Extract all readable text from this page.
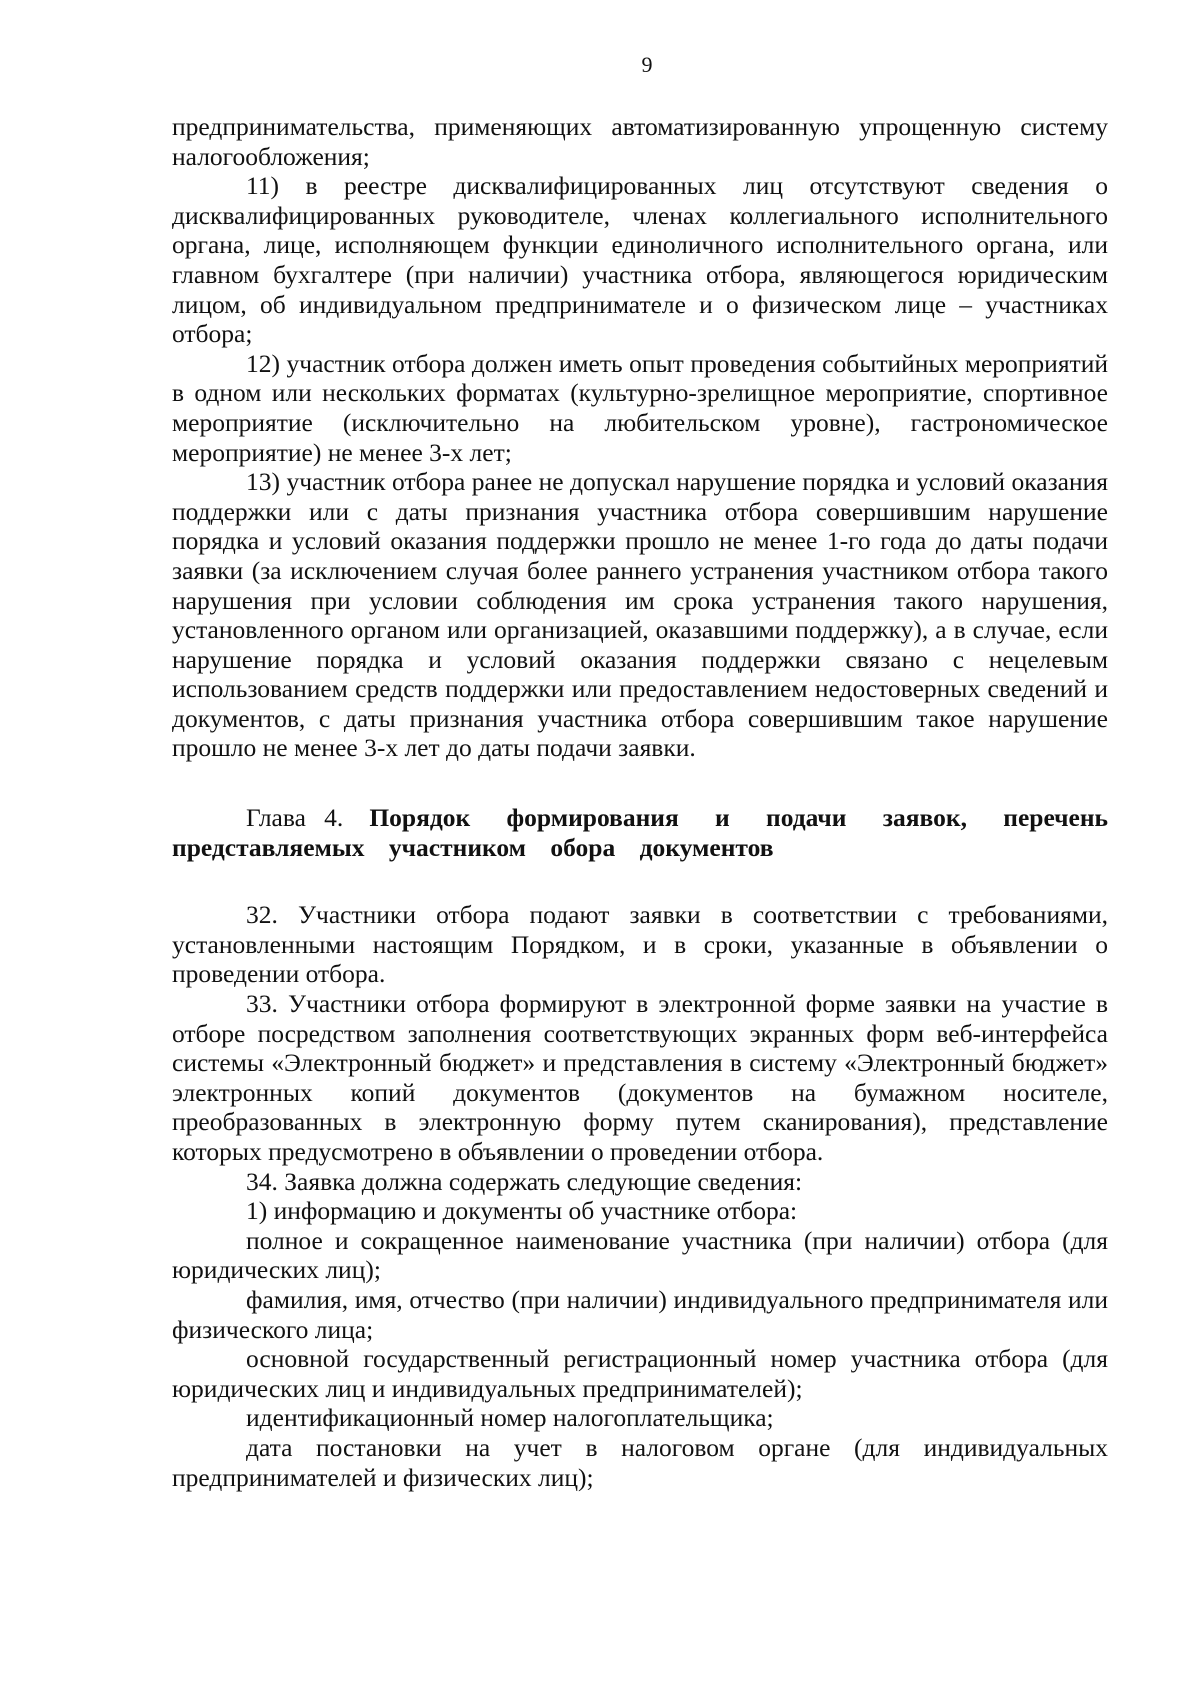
9

предпринимательства, применяющих автоматизированную упрощенную систему налогообложения;

11) в реестре дисквалифицированных лиц отсутствуют сведения о дисквалифицированных руководителе, членах коллегиального исполнительного органа, лице, исполняющем функции единоличного исполнительного органа, или главном бухгалтере (при наличии) участника отбора, являющегося юридическим лицом, об индивидуальном предпринимателе и о физическом лице – участниках отбора;

12) участник отбора должен иметь опыт проведения событийных мероприятий в одном или нескольких форматах (культурно-зрелищное мероприятие, спортивное мероприятие (исключительно на любительском уровне), гастрономическое мероприятие) не менее 3-х лет;

13) участник отбора ранее не допускал нарушение порядка и условий оказания поддержки или с даты признания участника отбора совершившим нарушение порядка и условий оказания поддержки прошло не менее 1-го года до даты подачи заявки (за исключением случая более раннего устранения участником отбора такого нарушения при условии соблюдения им срока устранения такого нарушения, установленного органом или организацией, оказавшими поддержку), а в случае, если нарушение порядка и условий оказания поддержки связано с нецелевым использованием средств поддержки или предоставлением недостоверных сведений и документов, с даты признания участника отбора совершившим такое нарушение прошло не менее 3-х лет до даты подачи заявки.

Глава 4. Порядок формирования и подачи заявок, перечень представляемых участником обора документов

32. Участники отбора подают заявки в соответствии с требованиями, установленными настоящим Порядком, и в сроки, указанные в объявлении о проведении отбора.

33. Участники отбора формируют в электронной форме заявки на участие в отборе посредством заполнения соответствующих экранных форм веб-интерфейса системы «Электронный бюджет» и представления в систему «Электронный бюджет» электронных копий документов (документов на бумажном носителе, преобразованных в электронную форму путем сканирования), представление которых предусмотрено в объявлении о проведении отбора.

34. Заявка должна содержать следующие сведения:

1) информацию и документы об участнике отбора:

полное и сокращенное наименование участника (при наличии) отбора (для юридических лиц);

фамилия, имя, отчество (при наличии) индивидуального предпринимателя или физического лица;

основной государственный регистрационный номер участника отбора (для юридических лиц и индивидуальных предпринимателей);

идентификационный номер налогоплательщика;

дата постановки на учет в налоговом органе (для индивидуальных предпринимателей и физических лиц);
